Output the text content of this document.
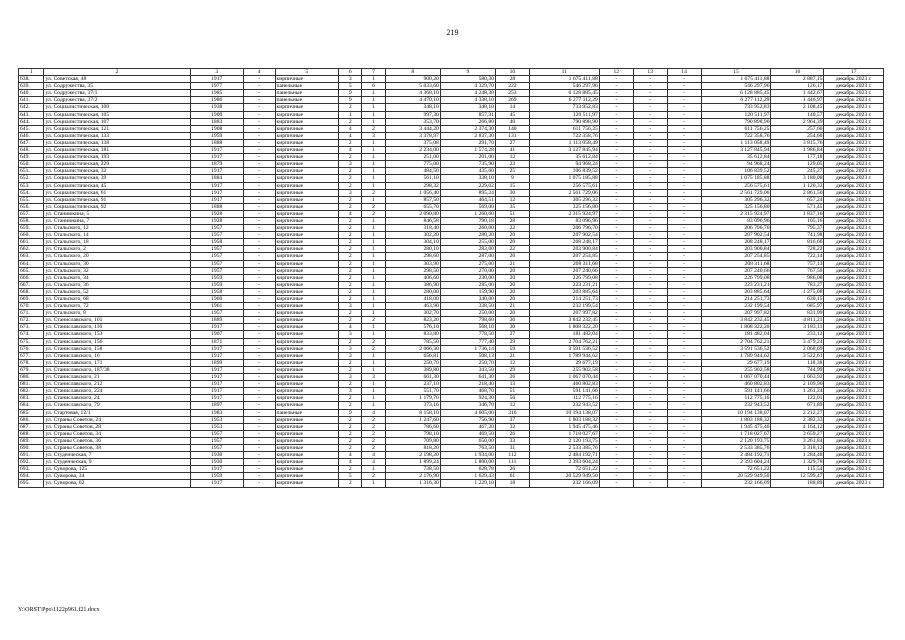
219
1	2	3	4	5	6	7	8	9	10	11	12	13	14	15	16	17
638.	ул. Советская, 48	1917	-	кирпичные	3	1	900,20	580,30	28	1 675 411,88	-	-	-	1 675 411,88	2 887,15	декабрь 2023 г.
639.	ул. Содружества, 35	1977	-	панельные	5	6	5 033,60	4 329,70	222	546 297,96	-	-	-	546 297,96	126,17	декабрь 2023 г.
640.	ул. Содружества, 37/1	1985	-	панельные	9	1	4 368,10	4 248,30	253	6 128 885,45	-	-	-	6 128 885,45	1 442,67	декабрь 2023 г.
641.	ул. Содружества, 37/2	1986	-	панельные	9	1	4 470,10	4 338,10	269	6 277 112,29	-	-	-	6 277 112,29	1 446,97	декабрь 2023 г.
642.	ул. Социалистическая, 100	1938	-	кирпичные	2	1	348,10	348,10	14	733 952,83	-	-	-	733 952,83	2 108,45	декабрь 2023 г.
643.	ул. Социалистическая, 105	1900	-	кирпичные	1	1	997,30	857,31	45	120 511,97	-	-	-	120 511,97	140,57	декабрь 2023 г.
644.	ул. Социалистическая, 107	1883	-	кирпичные	2	1	353,70	266,80	40	790 898,90	-	-	-	790 898,90	2 964,39	декабрь 2023 г.
645.	ул. Социалистическая, 121	1908	-	кирпичные	4	2	3 444,20	2 374,30	140	611 756,25	-	-	-	611 756,25	257,66	декабрь 2023 г.
646.	ул. Социалистическая, 133	1959	-	кирпичные	4	3	3 378,97	2 837,30	131	722 358,76	-	-	-	722 358,76	254,60	декабрь 2023 г.
647.	ул. Социалистическая, 138	1888	-	кирпичные	2	1	375,08	291,70	27	1 113 058,49	-	-	-	1 113 058,49	3 815,76	декабрь 2023 г.
648.	ул. Социалистическая, 181	1917	-	кирпичные	4	1	2 234,00	1 574,28	41	3 127 845,94	-	-	-	3 127 845,94	1 986,84	декабрь 2023 г.
649.	ул. Социалистическая, 193	1917	-	кирпичные	2	1	251,00	201,00	12	35 612,84	-	-	-	35 612,84	177,18	декабрь 2023 г.
650.	ул. Социалистическая, 220	1879	-	кирпичные	3	1	775,00	735,90	23	94 968,24	-	-	-	94 968,24	129,05	декабрь 2023 г.
651.	ул. Социалистическая, 32	1917	-	кирпичные	2	1	484,50	435,60	25	106 839,52	-	-	-	106 839,52	245,27	декабрь 2023 г.
652.	ул. Социалистическая, 39	1884	-	кирпичные	2	1	561,10	338,10	9	1 075 185,88	-	-	-	1 075 185,88	3 180,08	декабрь 2023 г.
653.	ул. Социалистическая, 45	1917	-	кирпичные	2	1	298,32	229,02	15	256 575,61	-	-	-	256 575,61	1 120,32	декабрь 2023 г.
654.	ул. Социалистическая, 61	1917	-	кирпичные	3	2	1 056,40	895,24	30	2 561 729,06	-	-	-	2 561 729,06	2 861,50	декабрь 2023 г.
655.	ул. Социалистическая, 91	1917	-	кирпичные	2	1	857,50	464,51	12	305 296,32	-	-	-	305 296,32	657,24	декабрь 2023 г.
656.	ул. Социалистическая, 92	1888	-	кирпичные	2	2	655,70	569,00	35	325 156,80	-	-	-	325 156,80	571,45	декабрь 2023 г.
657.	ул. Станиюкина, 5	1928	-	кирпичные	4	2	2 090,80	1 260,60	51	2 315 924,97	-	-	-	2 315 924,97	1 837,16	декабрь 2023 г.
658.	ул. Станиюкина, 7	1928	-	кирпичные	2	1	846,58	790,18	28	83 096,96	-	-	-	83 096,96	105,16	декабрь 2023 г.
659.	ул. Стальского, 12	1957	-	кирпичные	2	1	318,40	260,00	22	206 796,70	-	-	-	206 796,70	795,37	декабрь 2023 г.
660.	ул. Стальского, 14	1957	-	кирпичные	2	1	302,20	280,20	20	207 902,54	-	-	-	207 902,54	741,98	декабрь 2023 г.
661.	ул. Стальского, 18	1958	-	кирпичные	2	1	304,10	255,00	20	208 248,17	-	-	-	208 248,17	816,66	декабрь 2023 г.
662.	ул. Стальского, 2	1957	-	кирпичные	2	1	280,10	283,00	22	203 900,84	-	-	-	203 900,84	728,22	декабрь 2023 г.
663.	ул. Стальского, 20	1957	-	кирпичные	2	1	298,60	287,00	20	207 254,85	-	-	-	207 254,85	722,14	декабрь 2023 г.
664.	ул. Стальского, 30	1957	-	кирпичные	2	1	303,90	275,00	21	208 311,68	-	-	-	208 311,68	757,13	декабрь 2023 г.
665.	ул. Стальского, 32	1957	-	кирпичные	2	1	298,50	270,00	20	207 240,66	-	-	-	207 240,66	767,56	декабрь 2023 г.
666.	ул. Стальского, 34	1959	-	кирпичные	2	1	406,60	230,00	20	226 799,08	-	-	-	226 799,08	986,08	декабрь 2023 г.
667.	ул. Стальского, 36	1959	-	кирпичные	2	1	386,90	285,00	20	223 231,21	-	-	-	223 231,21	783,27	декабрь 2023 г.
668.	ул. Стальского, 52	1958	-	кирпичные	2	1	280,00	159,90	20	203 885,64	-	-	-	203 885,64	1 275,08	декабрь 2023 г.
669.	ул. Стальского, 68	1960	-	кирпичные	2	1	418,00	340,00	20	214 251,73	-	-	-	214 251,73	630,15	декабрь 2023 г.
670.	ул. Стальского, 72	1961	-	кирпичные	3	1	463,90	338,50	21	232 199,54	-	-	-	232 199,54	685,97	декабрь 2023 г.
671.	ул. Стальского, 8	1957	-	кирпичные	2	1	302,70	250,00	20	207 997,82	-	-	-	207 997,82	831,99	декабрь 2023 г.
672.	ул. Станиславского, 101	1889	-	кирпичные	2	2	823,20	798,60	30	3 842 232,45	-	-	-	3 842 232,45	4 811,21	декабрь 2023 г.
673.	ул. Станиславского, 116	1917	-	кирпичные	4	1	576,10	568,10	30	1 808 322,20	-	-	-	1 808 322,20	3 183,11	декабрь 2023 г.
674.	ул. Станиславского, 153	1907	-	кирпичные	3	1	833,80	778,50	27	181 482,04	-	-	-	181 482,04	233,12	декабрь 2023 г.
675.	ул. Станиславского, 156	1871	-	кирпичные	2	2	785,50	777,40	29	2 704 762,21	-	-	-	2 704 762,21	3 479,24	декабрь 2023 г.
676.	ул. Станиславского, 158	1917	-	кирпичные	3	2	2 066,30	1 736,14	59	3 591 536,52	-	-	-	3 591 536,52	2 068,69	декабрь 2023 г.
677.	ул. Станиславского, 16	1917	-	кирпичные	3	1	656,81	508,13	21	1 789 944,62	-	-	-	1 789 944,62	3 522,61	декабрь 2023 г.
678.	ул. Станиславского, 171	1899	-	кирпичные	2	1	250,70	250,70	12	29 677,19	-	-	-	29 677,19	118,38	декабрь 2023 г.
679.	ул. Станиславского, 187/38	1917	-	кирпичные	2	1	389,80	343,50	29	255 902,58	-	-	-	255 902,58	744,99	декабрь 2023 г.
680.	ул. Станиславского, 21	1917	-	кирпичные	3	3	661,30	641,30	26	1 067 070,44	-	-	-	1 067 070,44	1 663,92	декабрь 2023 г.
681.	ул. Станиславского, 212	1917	-	кирпичные	2	1	237,10	218,40	13	460 802,83	-	-	-	460 802,83	2 109,90	декабрь 2023 г.
682.	ул. Станиславского, 224	1917	-	кирпичные	3	1	551,70	468,70	51	591 141,66	-	-	-	591 141,66	1 261,24	декабрь 2023 г.
683.	ул. Станиславского, 24	1917	-	кирпичные	2	1	1 179,70	924,30	56	112 775,16	-	-	-	112 775,16	122,01	декабрь 2023 г.
684.	ул. Станиславского, 79	1897	-	кирпичные	2	1	373,16	346,70	12	232 943,52	-	-	-	232 943,52	671,89	декабрь 2023 г.
685.	ул. Стартовая, 12/1	1983	-	панельные	9	4	8 158,10	4 605,00	316	10 194 138,07	-	-	-	10 194 138,07	2 212,27	декабрь 2023 г.
686.	ул. Страны Советов, 24	1953	-	кирпичные	2	2	1 247,60	756,90	37	1 803 188,32	-	-	-	1 803 188,32	2 382,33	декабрь 2023 г.
687.	ул. Страны Советов, 28	1953	-	кирпичные	2	2	786,60	467,20	32	1 945 475,46	-	-	-	1 945 475,46	4 164,12	декабрь 2023 г.
688.	ул. Страны Советов, 34	1957	-	кирпичные	2	2	798,10	469,50	26	1 718 027,67	-	-	-	1 718 027,67	3 659,27	декабрь 2023 г.
689.	ул. Страны Советов, 36	1957	-	кирпичные	2	2	709,80	650,00	33	2 120 193,75	-	-	-	2 120 193,75	3 261,84	декабрь 2023 г.
690.	ул. Страны Советов, 38	1957	-	кирпичные	2	2	818,20	763,50	31	2 533 385,76	-	-	-	2 533 385,76	3 318,12	декабрь 2023 г.
691.	ул. Студенческая, 7	1930	-	кирпичные	4	4	2 198,20	1 934,00	112	2 484 192,71	-	-	-	2 484 192,71	1 284,48	декабрь 2023 г.
692.	ул. Студенческая, 9	1930	-	кирпичные	4	4	1 899,24	1 800,00	111	2 393 604,24	-	-	-	2 393 604,24	1 329,78	декабрь 2023 г.
693.	ул. Суворова, 125	1917	-	кирпичные	2	1	738,50	628,78	26	72 651,22	-	-	-	72 651,22	115,54	декабрь 2023 г.
694.	ул. Суворова, 34	1959	-	кирпичные	5	2	2 176,90	1 629,43	61	20 529 949,50	-	-	-	20 529 949,50	12 599,47	декабрь 2023 г.
695.	ул. Суворова, 62	1917	-	кирпичные	2	1	1 316,30	1 229,10	18	232 166,09	-	-	-	232 166,09	188,89	декабрь 2023 г.
Y:\ORST\Ppo\1122p961.f21.docx
